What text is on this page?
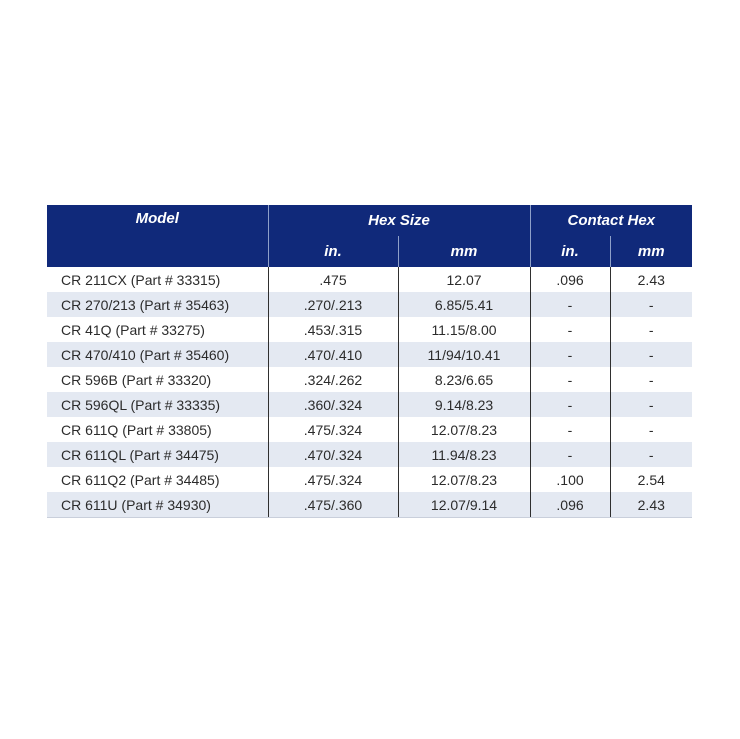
Model	Hex Size		Contact Hex	
	in.	mm	in.	mm
CR 211CX (Part # 33315)	.475	12.07	.096	2.43
CR 270/213 (Part # 35463)	.270/.213	6.85/5.41	-	-
CR 41Q (Part # 33275)	.453/.315	11.15/8.00	-	-
CR 470/410 (Part # 35460)	.470/.410	11/94/10.41	-	-
CR 596B (Part # 33320)	.324/.262	8.23/6.65	-	-
CR 596QL (Part # 33335)	.360/.324	9.14/8.23	-	-
CR 611Q (Part # 33805)	.475/.324	12.07/8.23	-	-
CR 611QL (Part # 34475)	.470/.324	11.94/8.23	-	-
CR 611Q2 (Part # 34485)	.475/.324	12.07/8.23	.100	2.54
CR 611U (Part # 34930)	.475/.360	12.07/9.14	.096	2.43
